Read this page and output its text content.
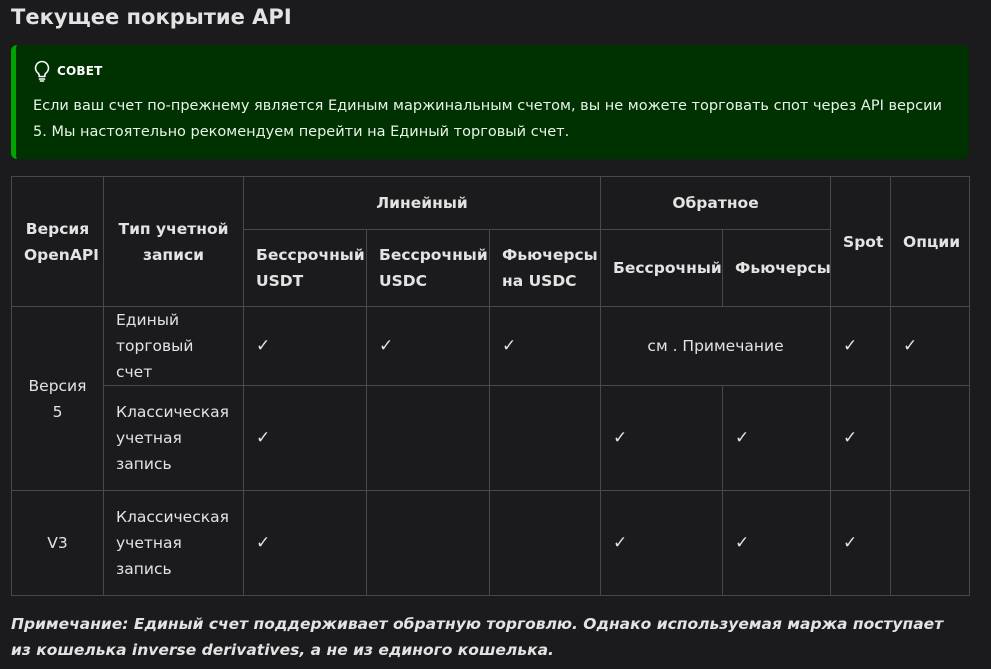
Текущее покрытие API
СОВЕТ
Если ваш счет по-прежнему является Единым маржинальным счетом, вы не можете торговать спот через API версии 5. Мы настоятельно рекомендуем перейти на Единый торговый счет.
Версия OpenAPI	Тип учетной записи	Линейный			Обратное		Spot	Опции
		Бессрочный USDT	Бессрочный USDC	Фьючерсы на USDC	Бессрочный	Фьючерсы		
Версия 5	Единый торговый счет	✓	✓	✓	см . Примечание		✓	✓
	Классическая учетная запись	✓			✓	✓	✓	
V3	Классическая учетная запись	✓			✓	✓	✓	

Примечание: Единый счет поддерживает обратную торговлю. Однако используемая маржа поступает из кошелька inverse derivatives, а не из единого кошелька.
